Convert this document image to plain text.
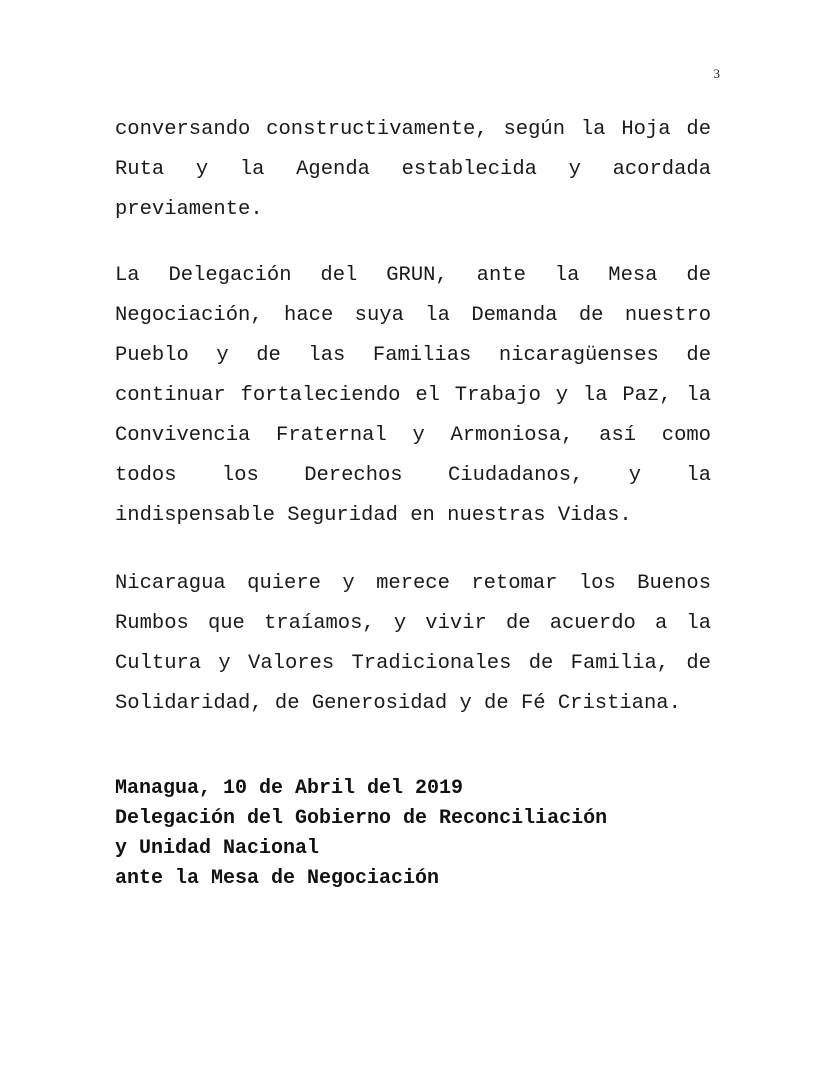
3

conversando constructivamente, según la Hoja de Ruta y la Agenda establecida y acordada previamente.

La Delegación del GRUN, ante la Mesa de Negociación, hace suya la Demanda de nuestro Pueblo y de las Familias nicaragüenses de continuar fortaleciendo el Trabajo y la Paz, la Convivencia Fraternal y Armoniosa, así como todos los Derechos Ciudadanos, y la indispensable Seguridad en nuestras Vidas.

Nicaragua quiere y merece retomar los Buenos Rumbos que traíamos, y vivir de acuerdo a la Cultura y Valores Tradicionales de Familia, de Solidaridad, de Generosidad y de Fé Cristiana.

Managua, 10 de Abril del 2019
Delegación del Gobierno de Reconciliación
y Unidad Nacional
ante la Mesa de Negociación
